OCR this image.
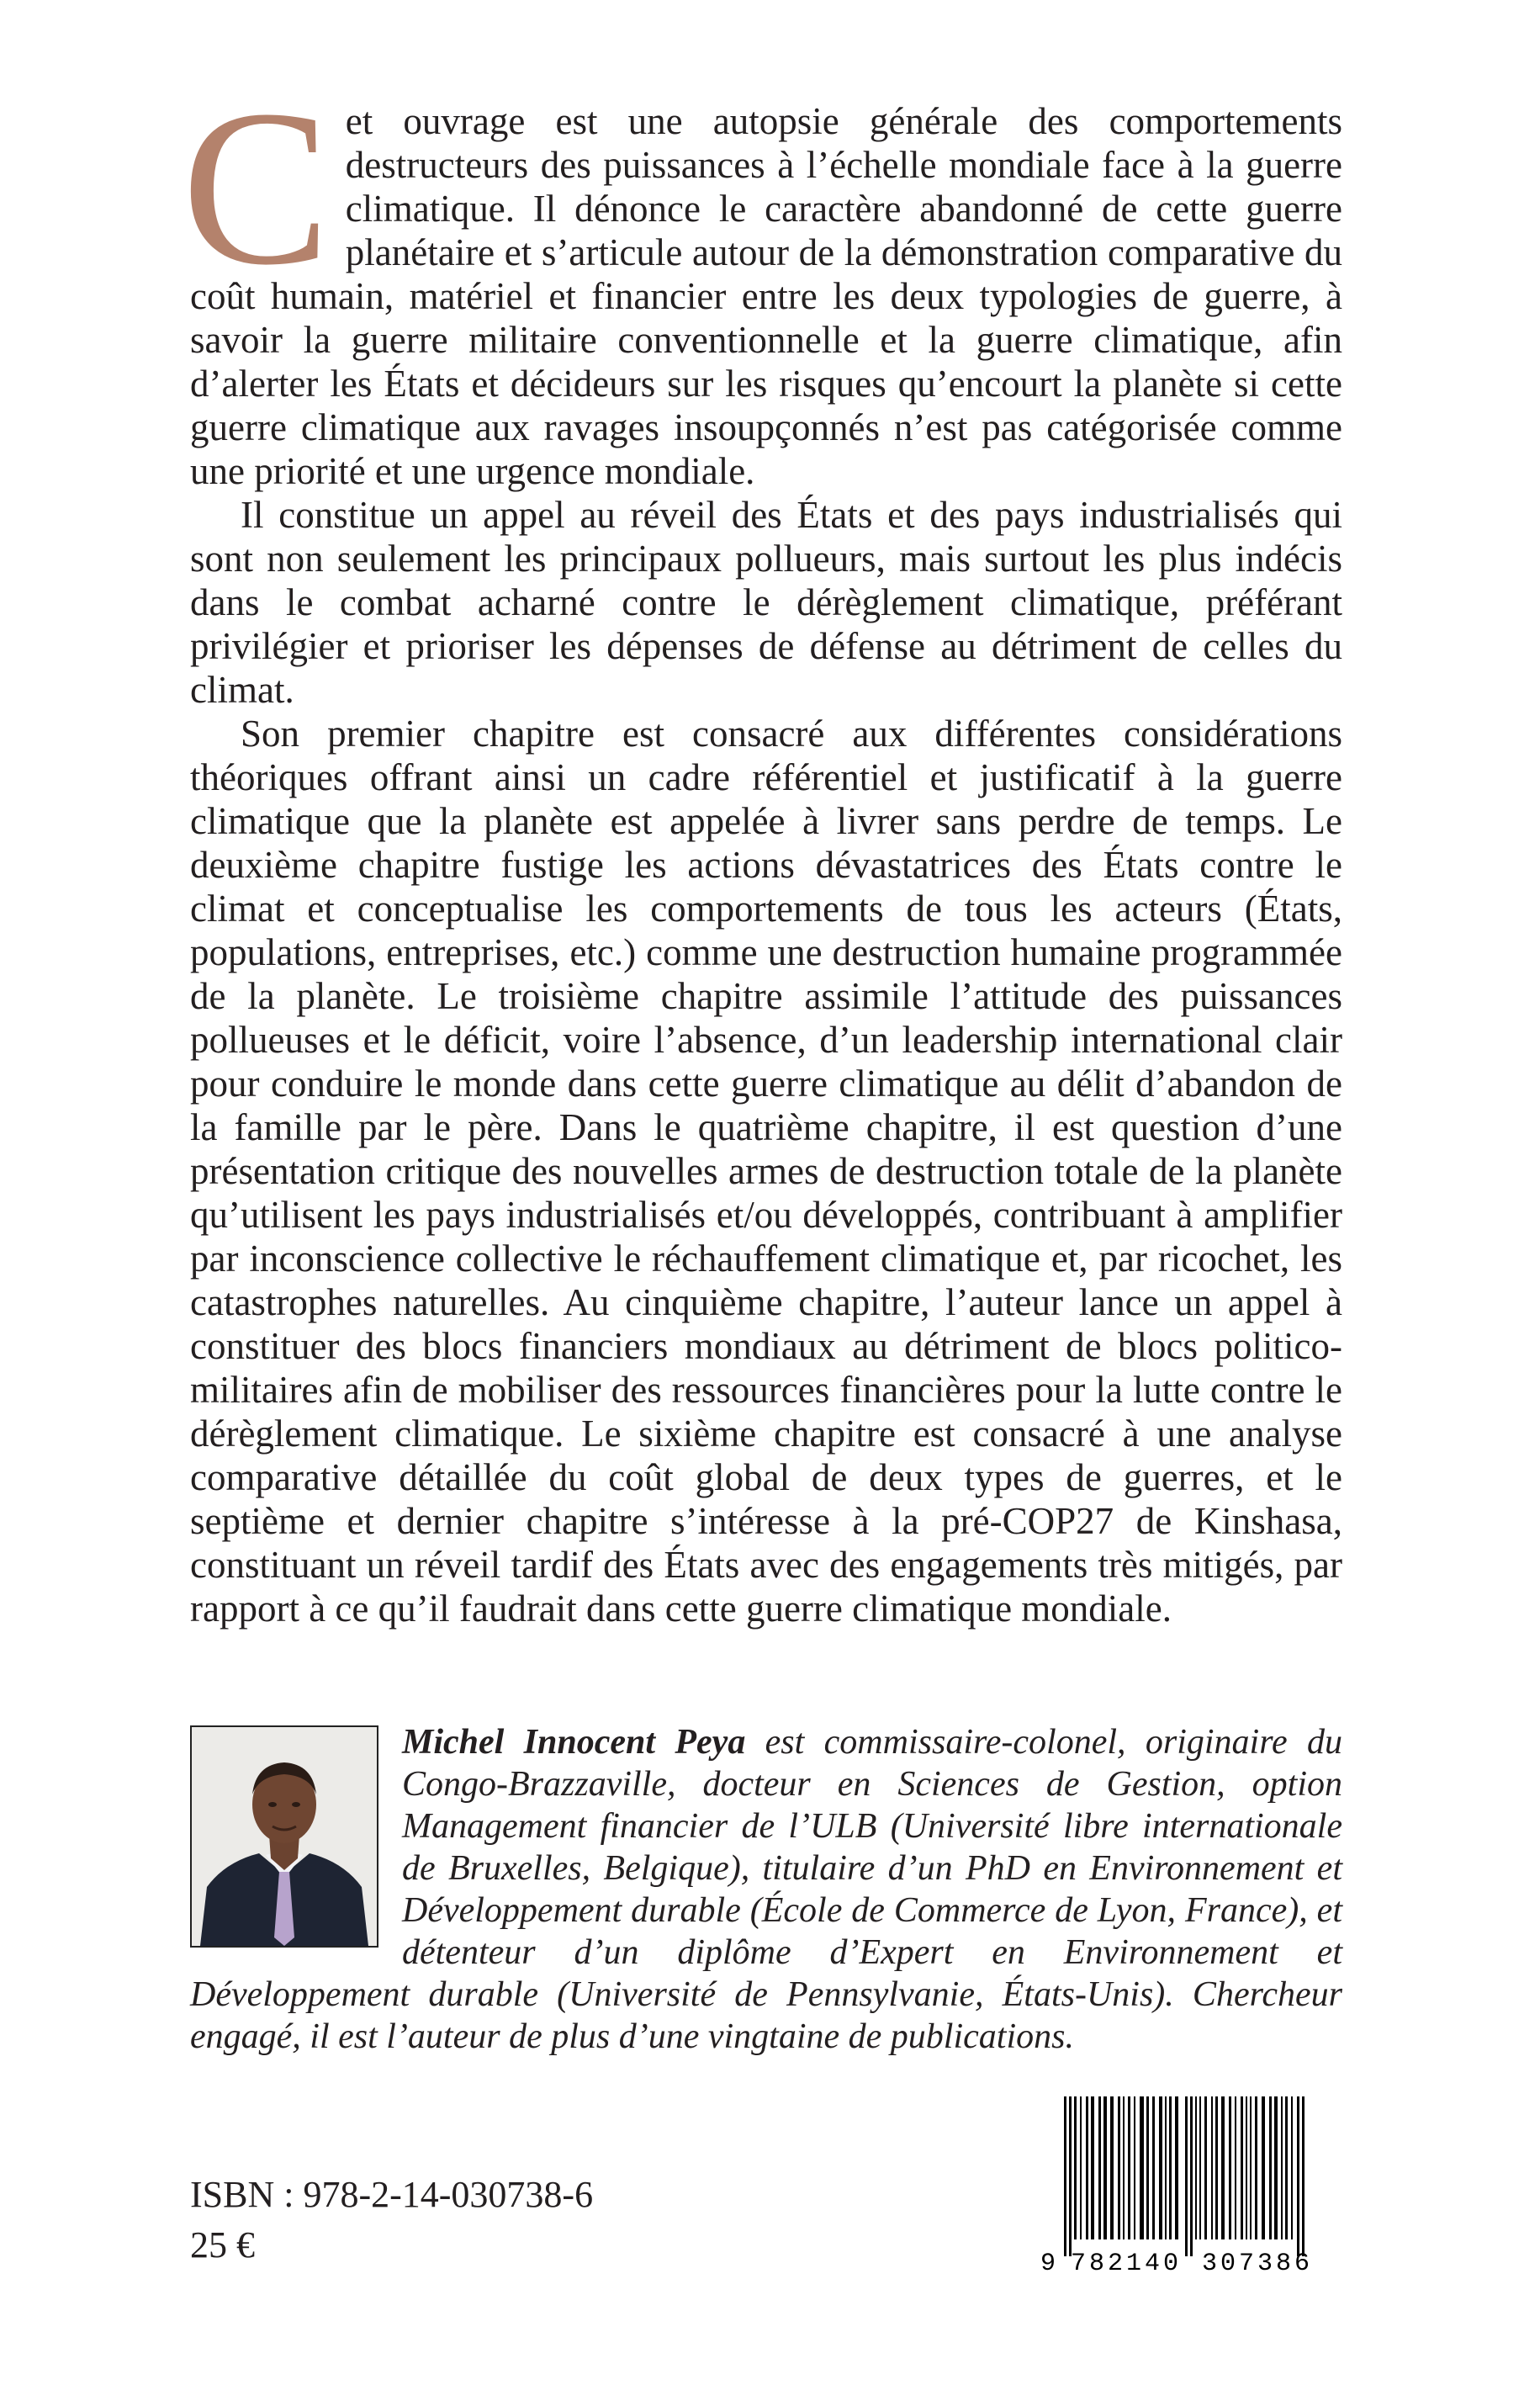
Cet ouvrage est une autopsie générale des comportements destructeurs des puissances à l’échelle mondiale face à la guerre climatique. Il dénonce le caractère abandonné de cette guerre planétaire et s’articule autour de la démonstration comparative du coût humain, matériel et financier entre les deux typologies de guerre, à savoir la guerre militaire conventionnelle et la guerre climatique, afin d’alerter les États et décideurs sur les risques qu’encourt la planète si cette guerre climatique aux ravages insoupçonnés n’est pas catégorisée comme une priorité et une urgence mondiale.

Il constitue un appel au réveil des États et des pays industrialisés qui sont non seulement les principaux pollueurs, mais surtout les plus indécis dans le combat acharné contre le dérèglement climatique, préférant privilégier et prioriser les dépenses de défense au détriment de celles du climat.

Son premier chapitre est consacré aux différentes considérations théoriques offrant ainsi un cadre référentiel et justificatif à la guerre climatique que la planète est appelée à livrer sans perdre de temps. Le deuxième chapitre fustige les actions dévastatrices des États contre le climat et conceptualise les comportements de tous les acteurs (États, populations, entreprises, etc.) comme une destruction humaine programmée de la planète. Le troisième chapitre assimile l’attitude des puissances pollueuses et le déficit, voire l’absence, d’un leadership international clair pour conduire le monde dans cette guerre climatique au délit d’abandon de la famille par le père. Dans le quatrième chapitre, il est question d’une présentation critique des nouvelles armes de destruction totale de la planète qu’utilisent les pays industrialisés et/ou développés, contribuant à amplifier par inconscience collective le réchauffement climatique et, par ricochet, les catastrophes naturelles. Au cinquième chapitre, l’auteur lance un appel à constituer des blocs financiers mondiaux au détriment de blocs politico-militaires afin de mobiliser des ressources financières pour la lutte contre le dérèglement climatique. Le sixième chapitre est consacré à une analyse comparative détaillée du coût global de deux types de guerres, et le septième et dernier chapitre s’intéresse à la pré-COP27 de Kinshasa, constituant un réveil tardif des États avec des engagements très mitigés, par rapport à ce qu’il faudrait dans cette guerre climatique mondiale.

Michel Innocent Peya est commissaire-colonel, originaire du Congo-Brazzaville, docteur en Sciences de Gestion, option Management financier de l’ULB (Université libre internationale de Bruxelles, Belgique), titulaire d’un PhD en Environnement et Développement durable (École de Commerce de Lyon, France), et détenteur d’un diplôme d’Expert en Environnement et Développement durable (Université de Pennsylvanie, États-Unis). Chercheur engagé, il est l’auteur de plus d’une vingtaine de publications.
ISBN : 978-2-14-030738-6
25 €	9 782140 307386
